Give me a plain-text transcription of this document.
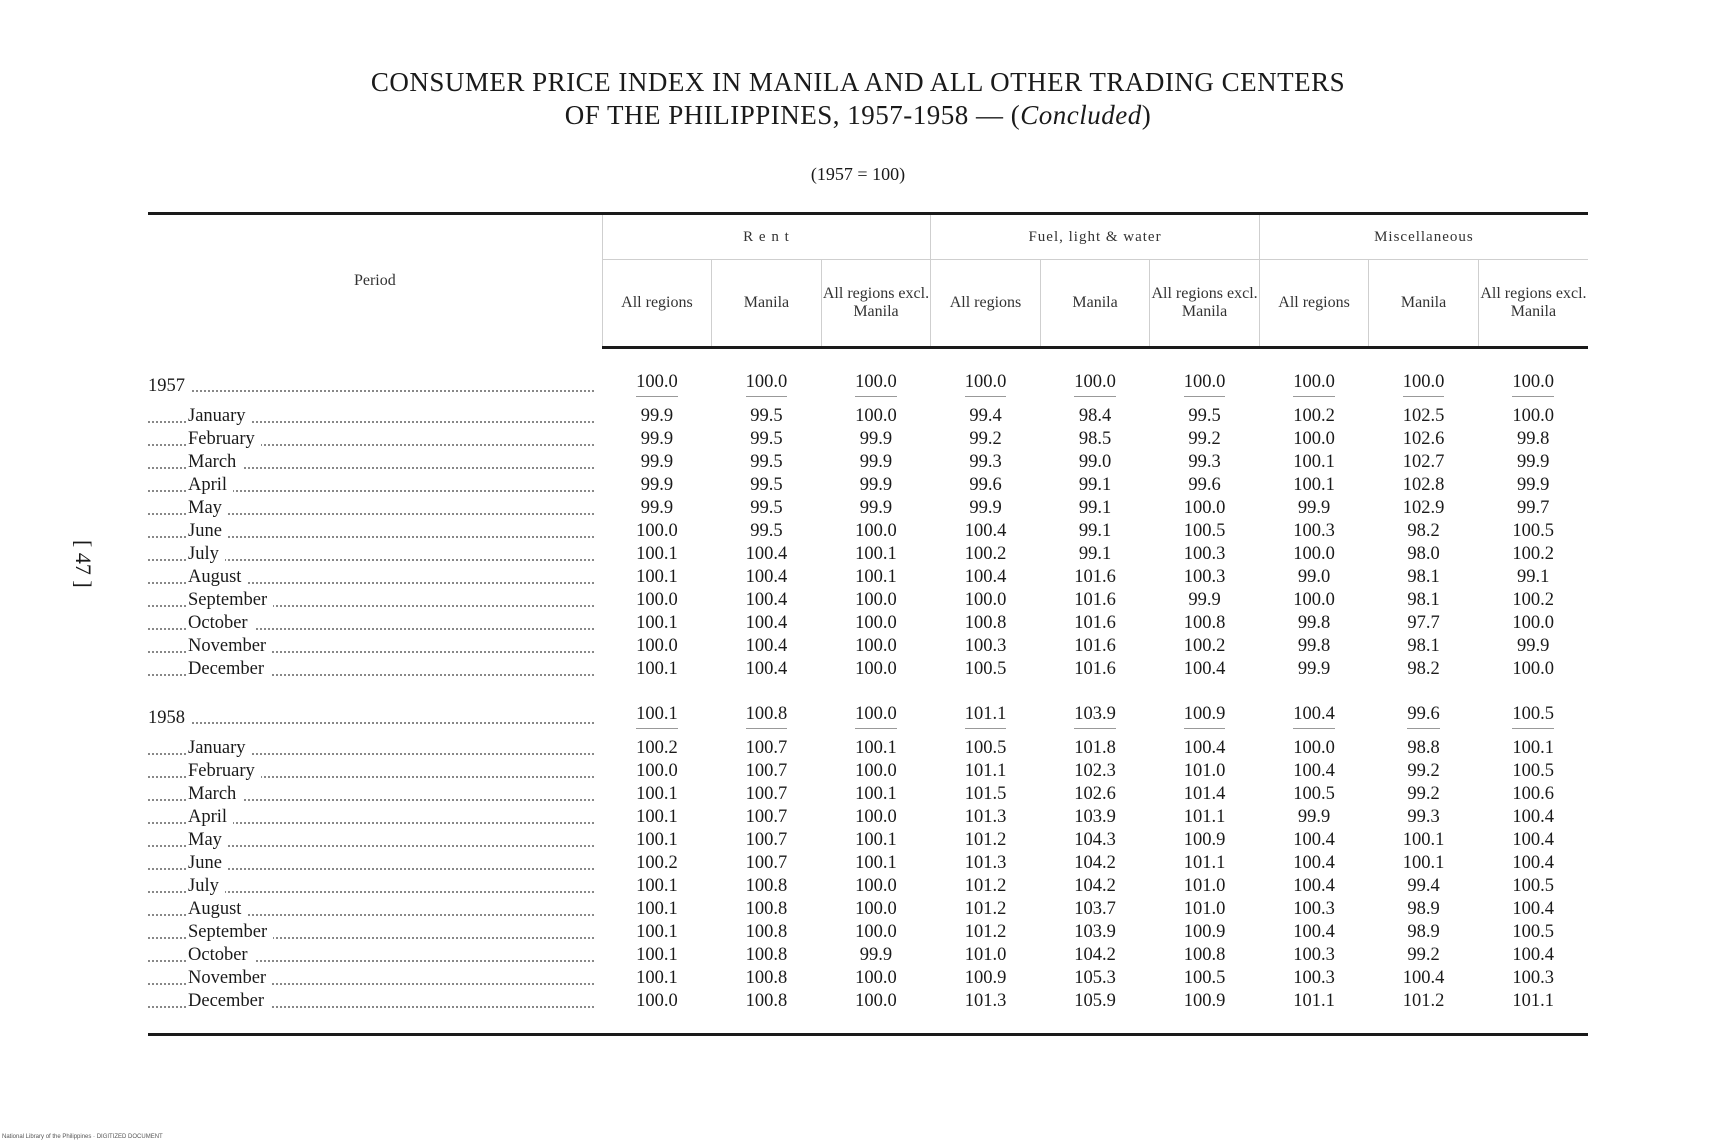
CONSUMER PRICE INDEX IN MANILA AND ALL OTHER TRADING CENTERS
OF THE PHILIPPINES, 1957-1958 — (Concluded)
(1957 = 100)
[ 47 ]
Period	R e n t			Fuel, light & water			Miscellaneous		
	All regions	Manila	All regions excl. Manila	All regions	Manila	All regions excl. Manila	All regions	Manila	All regions excl. Manila

1957	100.0	100.0	100.0	100.0	100.0	100.0	100.0	100.0	100.0

January	99.9	99.5	100.0	99.4	98.4	99.5	100.2	102.5	100.0

February	99.9	99.5	99.9	99.2	98.5	99.2	100.0	102.6	99.8

March	99.9	99.5	99.9	99.3	99.0	99.3	100.1	102.7	99.9

April	99.9	99.5	99.9	99.6	99.1	99.6	100.1	102.8	99.9

May	99.9	99.5	99.9	99.9	99.1	100.0	99.9	102.9	99.7

June	100.0	99.5	100.0	100.4	99.1	100.5	100.3	98.2	100.5

July	100.1	100.4	100.1	100.2	99.1	100.3	100.0	98.0	100.2

August	100.1	100.4	100.1	100.4	101.6	100.3	99.0	98.1	99.1

September	100.0	100.4	100.0	100.0	101.6	99.9	100.0	98.1	100.2

October	100.1	100.4	100.0	100.8	101.6	100.8	99.8	97.7	100.0

November	100.0	100.4	100.0	100.3	101.6	100.2	99.8	98.1	99.9

December	100.1	100.4	100.0	100.5	101.6	100.4	99.9	98.2	100.0

1958	100.1	100.8	100.0	101.1	103.9	100.9	100.4	99.6	100.5

January	100.2	100.7	100.1	100.5	101.8	100.4	100.0	98.8	100.1

February	100.0	100.7	100.0	101.1	102.3	101.0	100.4	99.2	100.5

March	100.1	100.7	100.1	101.5	102.6	101.4	100.5	99.2	100.6

April	100.1	100.7	100.0	101.3	103.9	101.1	99.9	99.3	100.4

May	100.1	100.7	100.1	101.2	104.3	100.9	100.4	100.1	100.4

June	100.2	100.7	100.1	101.3	104.2	101.1	100.4	100.1	100.4

July	100.1	100.8	100.0	101.2	104.2	101.0	100.4	99.4	100.5

August	100.1	100.8	100.0	101.2	103.7	101.0	100.3	98.9	100.4

September	100.1	100.8	100.0	101.2	103.9	100.9	100.4	98.9	100.5

October	100.1	100.8	99.9	101.0	104.2	100.8	100.3	99.2	100.4

November	100.1	100.8	100.0	100.9	105.3	100.5	100.3	100.4	100.3

December	100.0	100.8	100.0	101.3	105.9	100.9	101.1	101.2	101.1

National Library of the Philippines · DIGITIZED DOCUMENT
